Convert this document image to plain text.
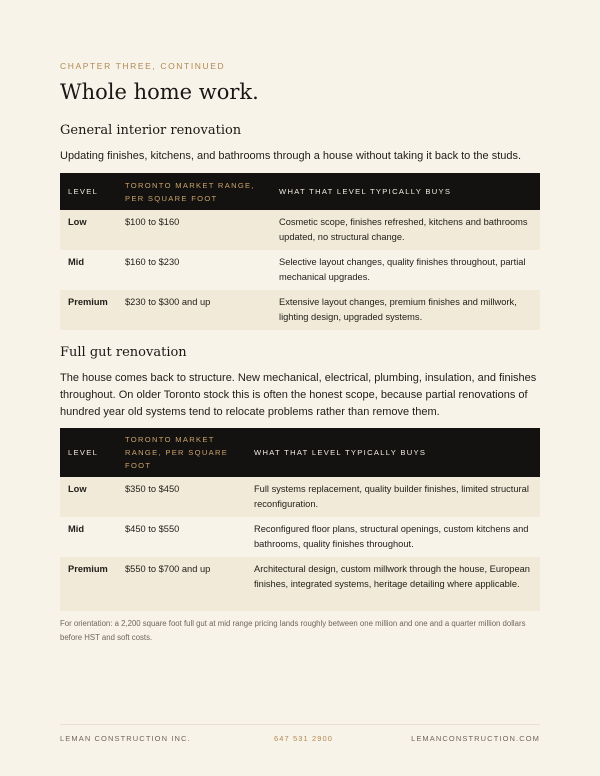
CHAPTER THREE, CONTINUED
Whole home work.
General interior renovation
Updating finishes, kitchens, and bathrooms through a house without taking it back to the studs.
LEVEL	TORONTO MARKET RANGE, PER SQUARE FOOT	WHAT THAT LEVEL TYPICALLY BUYS
Low	$100 to $160	Cosmetic scope, finishes refreshed, kitchens and bathrooms updated, no structural change.
Mid	$160 to $230	Selective layout changes, quality finishes throughout, partial mechanical upgrades.
Premium	$230 to $300 and up	Extensive layout changes, premium finishes and millwork, lighting design, upgraded systems.
Full gut renovation
The house comes back to structure. New mechanical, electrical, plumbing, insulation, and finishes throughout. On older Toronto stock this is often the honest scope, because partial renovations of hundred year old systems tend to relocate problems rather than remove them.
LEVEL	TORONTO MARKET RANGE, PER SQUARE FOOT	WHAT THAT LEVEL TYPICALLY BUYS
Low	$350 to $450	Full systems replacement, quality builder finishes, limited structural reconfiguration.
Mid	$450 to $550	Reconfigured floor plans, structural openings, custom kitchens and bathrooms, quality finishes throughout.
Premium	$550 to $700 and up	Architectural design, custom millwork through the house, European finishes, integrated systems, heritage detailing where applicable.
For orientation: a 2,200 square foot full gut at mid range pricing lands roughly between one million and one and a quarter million dollars before HST and soft costs.
LEMAN CONSTRUCTION INC.	647 531 2900	LEMANCONSTRUCTION.COM
